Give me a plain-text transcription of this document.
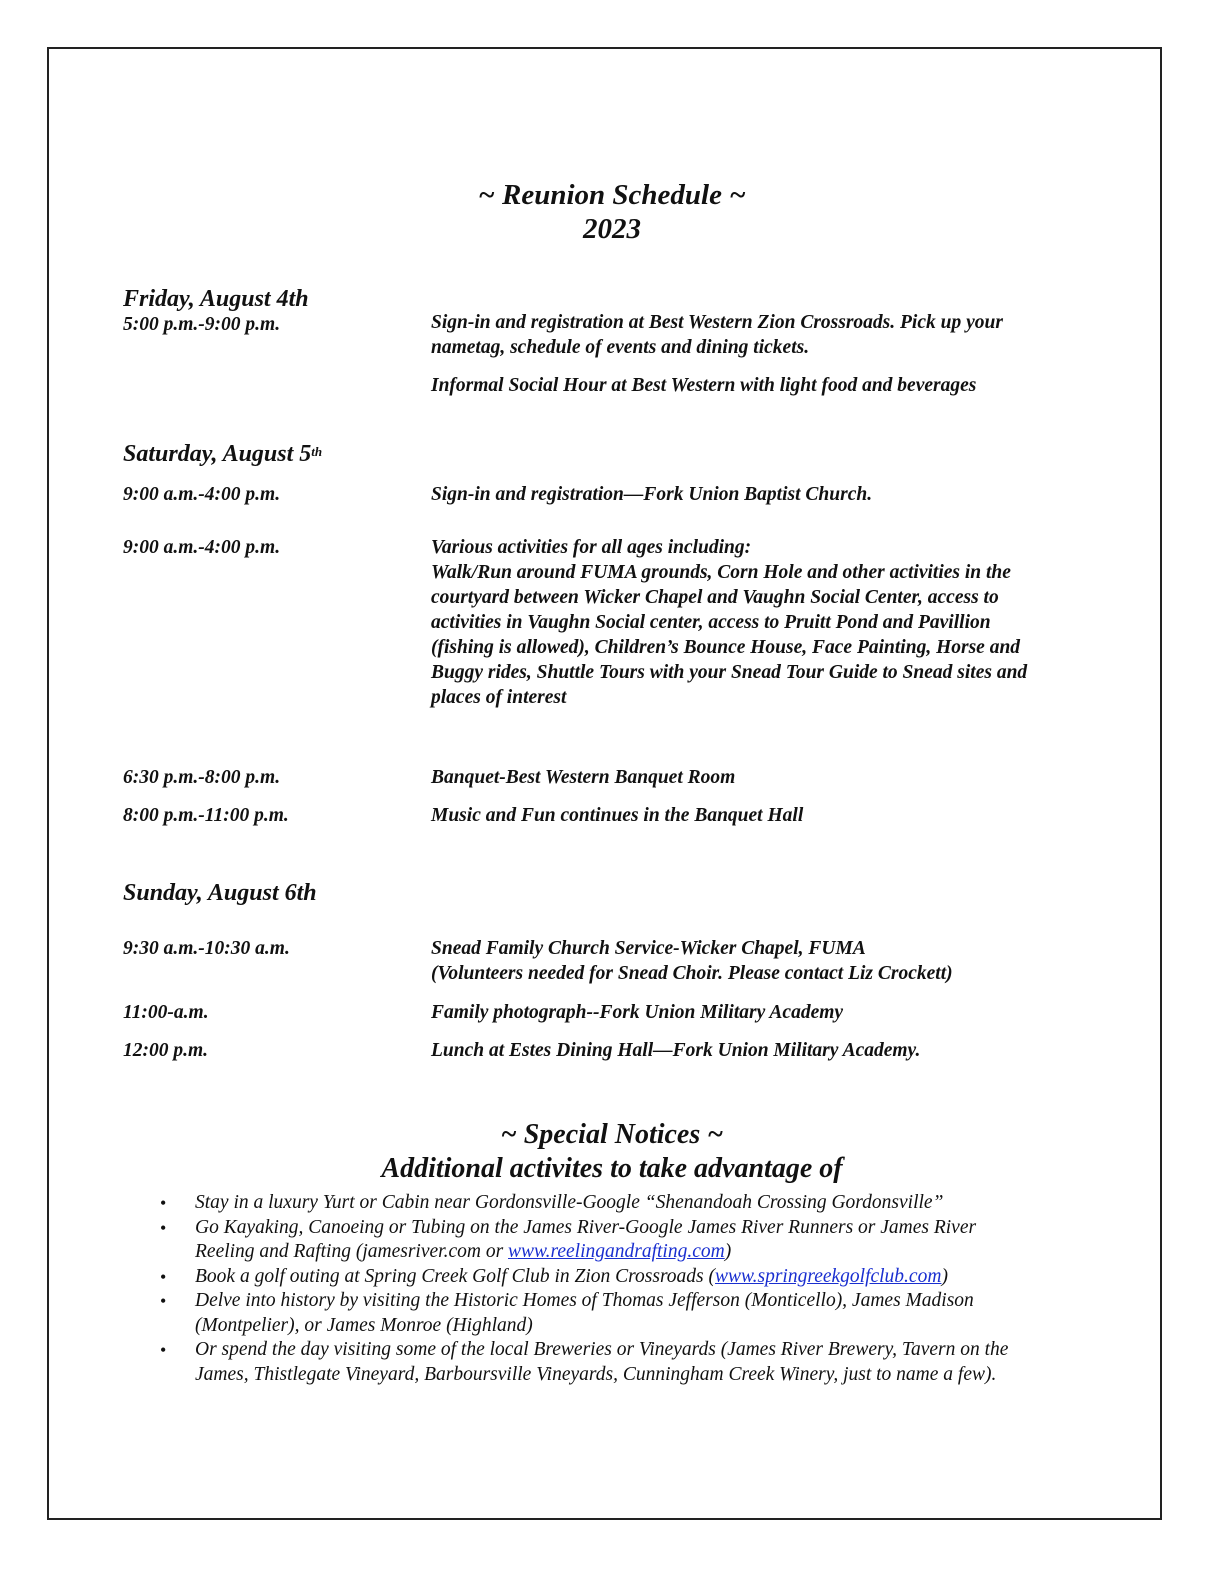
~ Reunion Schedule ~
2023
Friday, August 4th
5:00 p.m.-9:00 p.m.	Sign-in and registration at Best Western Zion Crossroads. Pick up your
nametag, schedule of events and dining tickets.
Informal Social Hour at Best Western with light food and beverages
Saturday, August 5th
9:00 a.m.-4:00 p.m.	Sign-in and registration—Fork Union Baptist Church.
9:00 a.m.-4:00 p.m.	Various activities for all ages including:
Walk/Run around FUMA grounds, Corn Hole and other activities in the
courtyard between Wicker Chapel and Vaughn Social Center, access to
activities in Vaughn Social center, access to Pruitt Pond and Pavillion
(fishing is allowed), Children’s Bounce House, Face Painting, Horse and
Buggy rides, Shuttle Tours with your Snead Tour Guide to Snead sites and
places of interest
6:30 p.m.-8:00 p.m.	Banquet-Best Western Banquet Room
8:00 p.m.-11:00 p.m.	Music and Fun continues in the Banquet Hall
Sunday, August 6th
9:30 a.m.-10:30 a.m.	Snead Family Church Service-Wicker Chapel, FUMA
(Volunteers needed for Snead Choir. Please contact Liz Crockett)
11:00-a.m.	Family photograph--Fork Union Military Academy
12:00 p.m.	Lunch at Estes Dining Hall—Fork Union Military Academy.
~ Special Notices ~
Additional activites to take advantage of
• Stay in a luxury Yurt or Cabin near Gordonsville-Google “Shenandoah Crossing Gordonsville”
• Go Kayaking, Canoeing or Tubing on the James River-Google James River Runners or James River
Reeling and Rafting (jamesriver.com or www.reelingandrafting.com)
• Book a golf outing at Spring Creek Golf Club in Zion Crossroads (www.springreekgolfclub.com)
• Delve into history by visiting the Historic Homes of Thomas Jefferson (Monticello), James Madison
(Montpelier), or James Monroe (Highland)
• Or spend the day visiting some of the local Breweries or Vineyards (James River Brewery, Tavern on the
James, Thistlegate Vineyard, Barboursville Vineyards, Cunningham Creek Winery, just to name a few).
